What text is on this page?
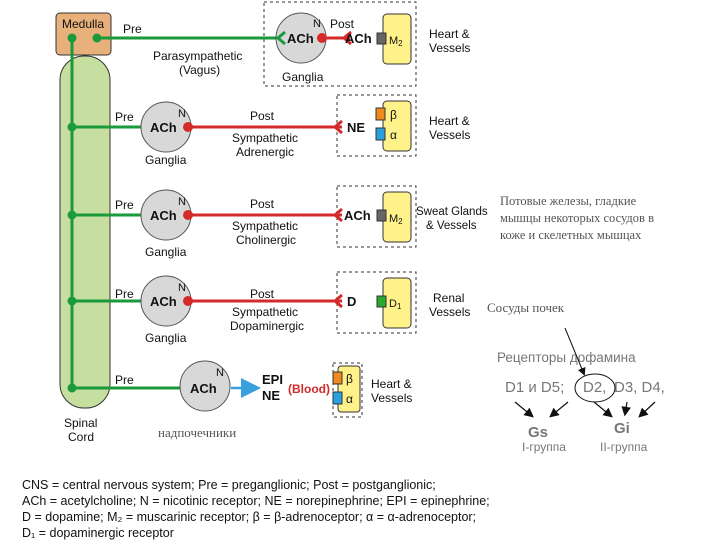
Medulla
Spinal
Cord
Pre
Parasympathetic
(Vagus)
ACh
N Post
ACh
Ganglia
M2
Heart &
Vessels
Pre
ACh
N
Ganglia
Post
Sympathetic
Adrenergic
NE
β
α
Heart &
Vessels
Pre
ACh
N
Ganglia
Post
Sympathetic
Cholinergic
ACh M2
Sweat Glands
& Vessels
Потовые железы, гладкие
мышцы некоторых сосудов в
коже и скелетных мышцах
Pre ACh
N
Ganglia
Post
Sympathetic
Dopaminergic
D	D1
Renal
Vessels Сосуды почек
Pre
ACh
N	EPI
NE (Blood)
β
α
Heart &
Vessels
надпочечники
Рецепторы дофамина
D1 и D5; D2, D3, D4,
Gs	Gi
I-группа	II-группа
CNS = central nervous system; Pre = preganglionic; Post = postganglionic;
ACh = acetylcholine; N = nicotinic receptor; NE = norepinephrine; EPI = epinephrine;
D = dopamine; M₂ = muscarinic receptor; β = β-adrenoceptor; α = α-adrenoceptor;
D₁ = dopaminergic receptor
